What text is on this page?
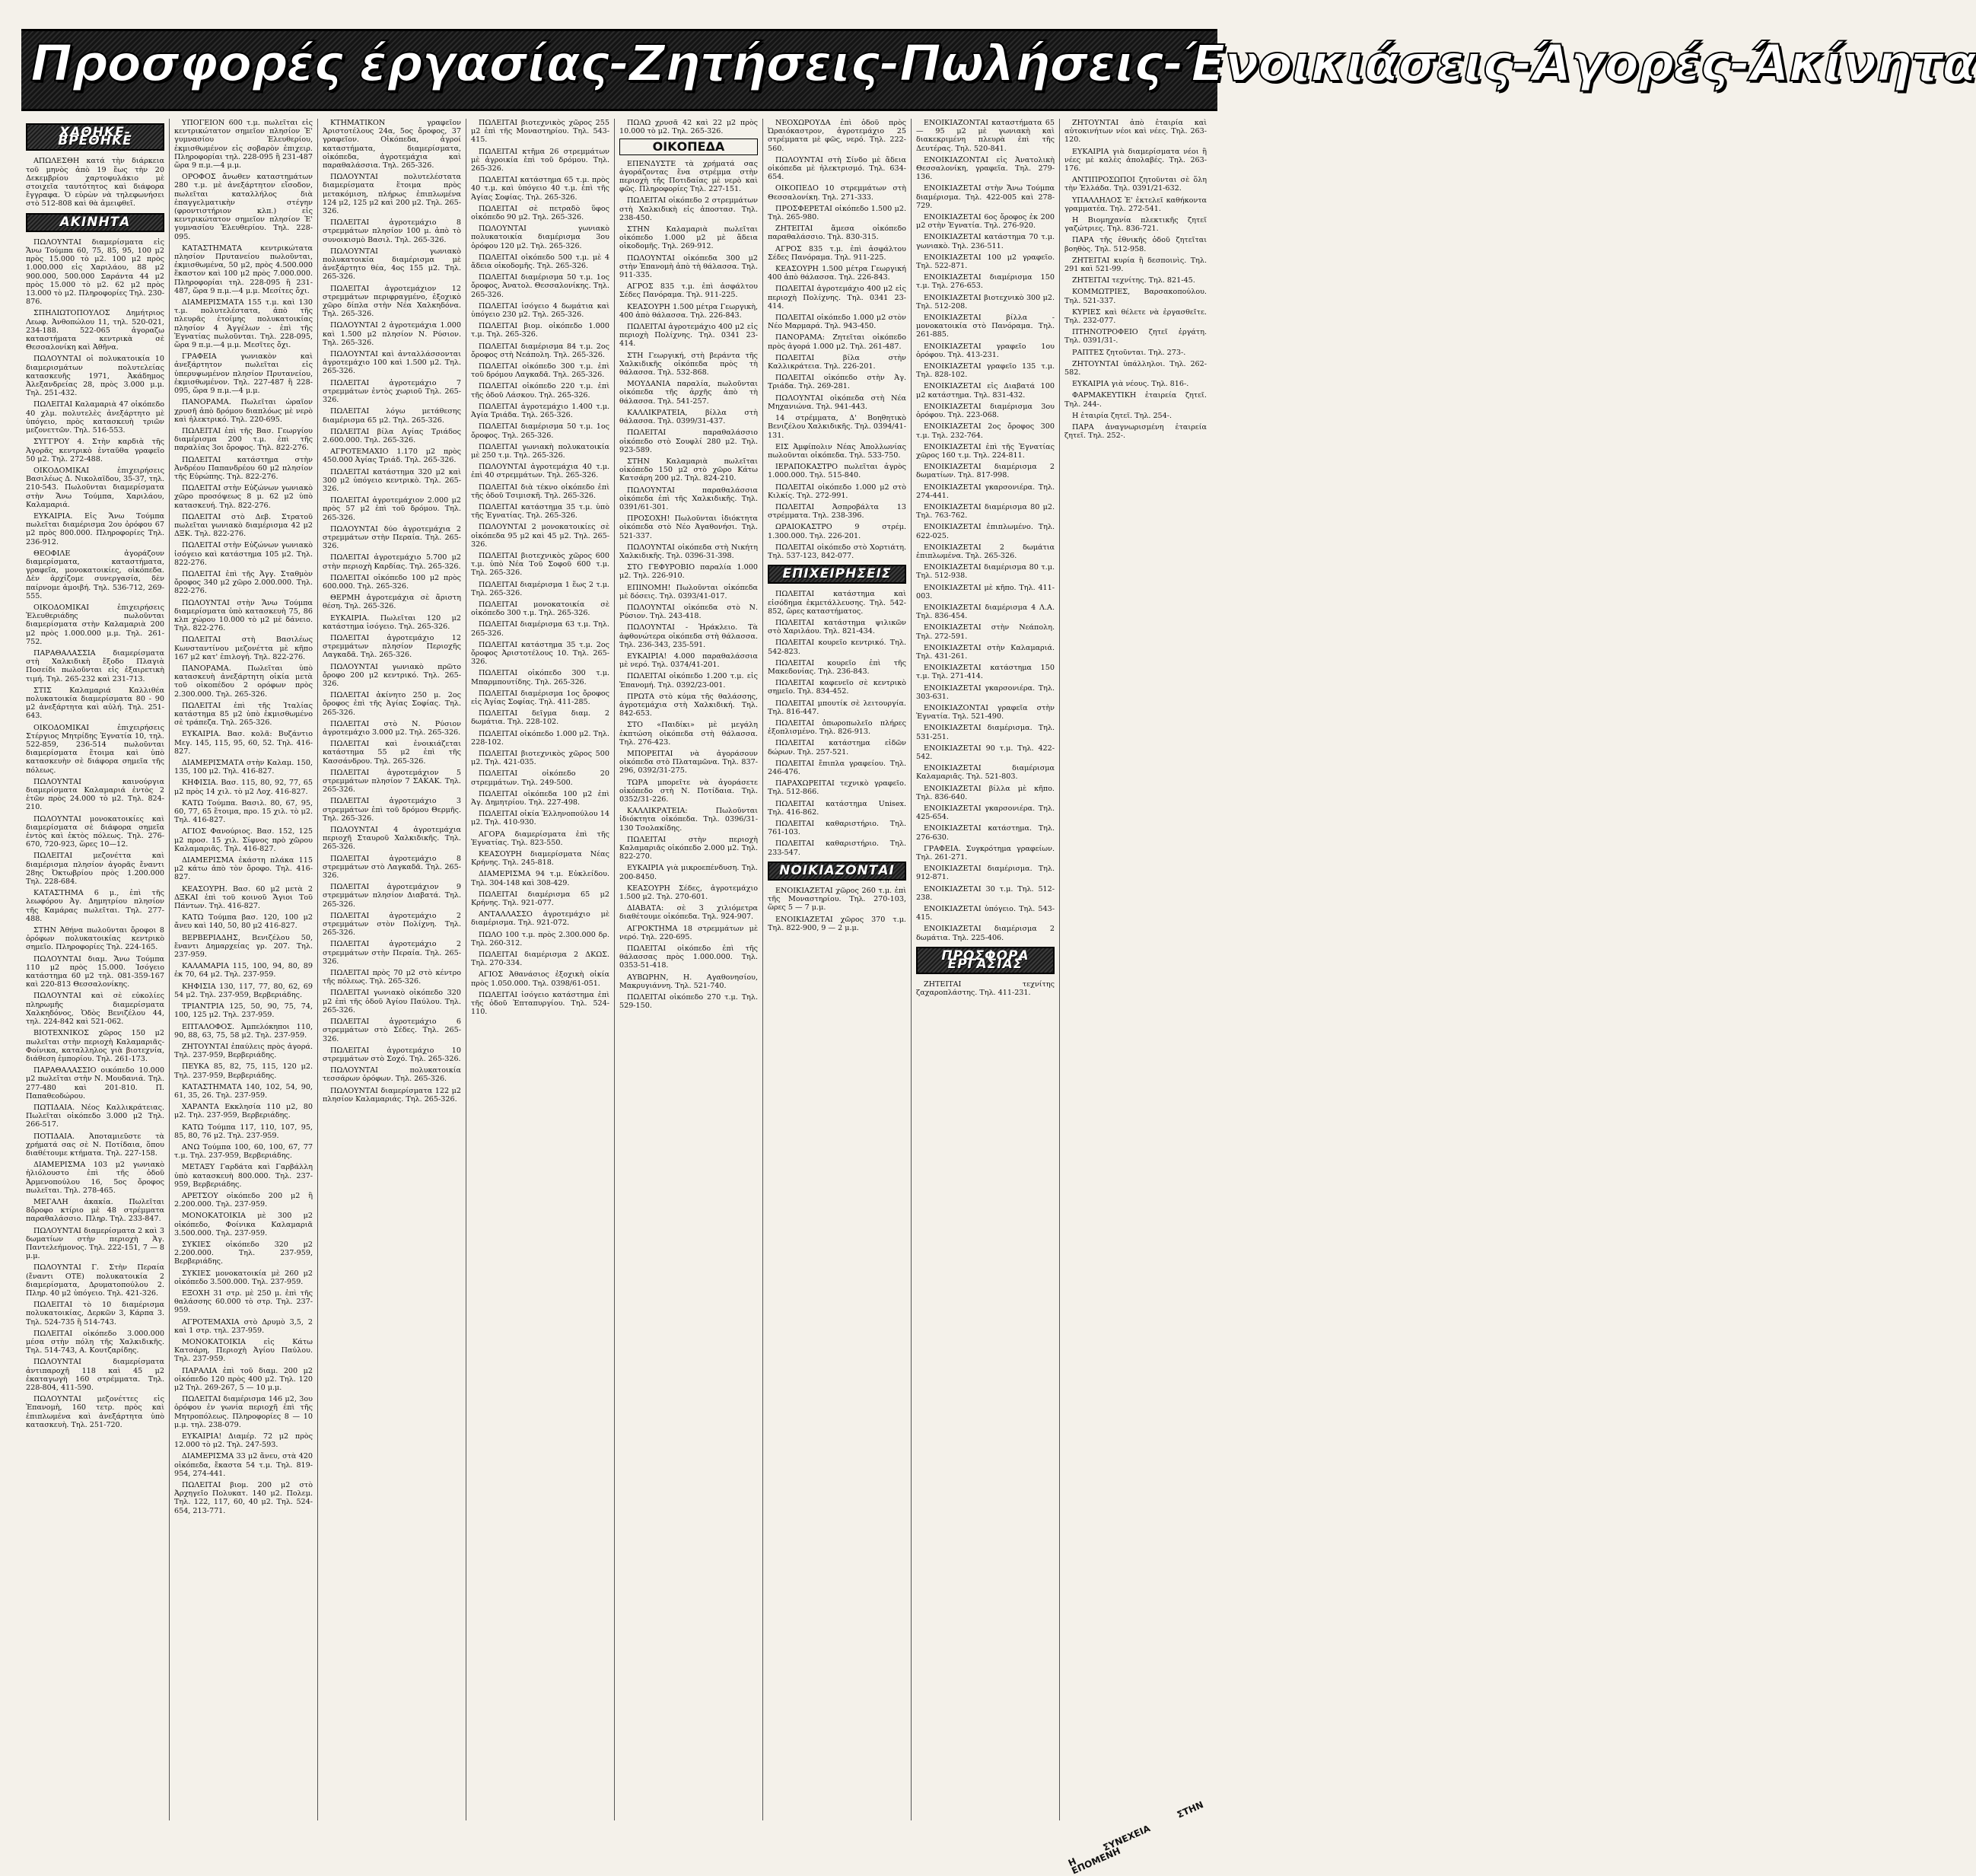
Προσφορές έργασίας-Ζητήσεις-Πωλήσεις-Ένοικιάσεις-Άγορές-Άκίνητα
ΧΑΘΗΚΕ-ΒΡΕΘΗΚΕ

ΑΠΩΛΕΣΘΗ κατά τὴν διάρκεια τοῦ μηνὸς ἀπὸ 19 ἕως τὴν 20 Δεκεμβρίου χαρτοφυλάκιο μὲ στοιχεῖα ταυτότητος καὶ διάφορα ἔγγραφα. Ὁ εὑρὼν νὰ τηλεφωνήσει στὸ 512-808 καὶ θὰ ἀμειφθεῖ.

ΑΚΙΝΗΤΑ

ΠΩΛΟΥΝΤΑΙ διαμερίσματα εἰς Ἄνω Τούμπα 60, 75, 85, 95, 100 μ2 πρὸς 15.000 τὸ μ2. 100 μ2 πρὸς 1.000.000 εἰς Χαριλάου, 88 μ2 900.000, 500.000 Σαράντα 44 μ2 πρὸς 15.000 τὸ μ2. 62 μ2 πρὸς 13.000 τὸ μ2. Πληροφορίες Τηλ. 230-876.

ΣΠΗΛΙΩΤΟΠΟΥΛΟΣ Δημήτριος Λεωφ. Ἀνθοπώλου 11, τηλ. 520-021, 234-188. 522-065 ἀγοραζω καταστήματα κεντρικὰ σὲ Θεσσαλονίκη καὶ Ἀθῆνα.

ΠΩΛΟΥΝΤΑΙ οἱ πολυκατοικία 10 διαμερισμάτων πολυτελείας κατασκευῆς 1971, Ἀκάδημος Ἀλεξανδρείας 28, πρὸς 3.000 μ.μ. Τηλ. 251-432.

ΠΩΛΕΙΤΑΙ Καλαμαριὰ 47 οἰκόπεδο 40 χλμ. πολυτελὲς ἀνεξάρτητο μὲ ὑπόγειο, πρὸς κατασκευὴ τριῶν μεζονεττῶν. Τηλ. 516-553.

ΣΥΓΓΡΟΥ 4. Στὴν καρδιὰ τῆς Ἀγορᾶς κεντρικὸ ἐνταῦθα γραφεῖο 50 μ2. Τηλ. 272-488.

ΟΙΚΟΔΟΜΙΚΑΙ ἐπιχειρήσεις Βασιλέως Δ. Νικολαϊδου, 35-37, τηλ. 210-543. Πωλοῦνται διαμερίσματα στὴν Ἄνω Τούμπα, Χαριλάου, Καλαμαριά.

ΕΥΚΑΙΡΙΑ. Εἰς Ἄνω Τούμπα πωλεῖται διαμέρισμα 2ου ὀρόφου 67 μ2 πρὸς 800.000. Πληροφορίες Τηλ. 236-912.

ΘΕΟΦΙΛΕ ἀγοράζουν διαμερίσματα, καταστήματα, γραφεῖα, μονοκατοικίες, οἰκόπεδα. Δὲν ἀρχίζομε συνεργασία, δὲν παίρνομε ἀμοιβή. Τηλ. 536-712, 269-555.

ΟΙΚΟΔΟΜΙΚΑΙ ἐπιχειρήσεις Ἐλευθεριάδης πωλοῦνται διαμερίσματα στὴν Καλαμαριὰ 200 μ2 πρὸς 1.000.000 μ.μ. Τηλ. 261-752.

ΠΑΡΑΘΑΛΑΣΣΙΑ διαμερίσματα στὴ Χαλκιδικὴ ἔξοδο Πλαγιὰ Ποσείδι πωλοῦνται εἰς ἐξαιρετικὴ τιμή. Τηλ. 265-232 καὶ 231-713.

ΣΤΙΣ Καλαμαριά Καλλιθέα πολυκατοικία διαμερίσματα 80 - 90 μ2 ἀνεξάρτητα καὶ αὐλή. Τηλ. 251-643.

ΟΙΚΟΔΟΜΙΚΑΙ ἐπιχειρήσεις Στέργιος Μητρίδης Ἐγνατία 10, τηλ. 522-859, 236-514 πωλοῦνται διαμερίσματα ἕτοιμα καὶ ὑπὸ κατασκευὴν σὲ διάφορα σημεῖα τῆς πόλεως.

ΠΩΛΟΥΝΤΑΙ καινούργια διαμερίσματα Καλαμαριά ἐντὸς 2 ἐτῶν πρὸς 24.000 τὸ μ2. Τηλ. 824-210.

ΠΩΛΟΥΝΤΑΙ μονοκατοικίες καὶ διαμερίσματα σὲ διάφορα σημεῖα ἐντὸς καὶ ἐκτὸς πόλεως. Τηλ. 276-670, 720-923, ὥρες 10—12.

ΠΩΛΕΙΤΑΙ μεζονέττα καὶ διαμέρισμα πλησίον ἀγορᾶς ἔναντι 28ης Ὀκτωβρίου πρὸς 1.200.000 Τηλ. 228-684.

ΚΑΤΑΣΤΗΜΑ 6 μ., ἐπὶ τῆς λεωφόρου Ἀγ. Δημητρίου πλησίον τῆς Καμάρας πωλεῖται. Τηλ. 277-488.

ΣΤΗΝ Ἀθήνα πωλοῦνται ὄροφοι 8 ὀρόφων πολυκατοικίας κεντρικὸ σημεῖο. Πληροφορίες Τηλ. 224-165.

ΠΩΛΟΥΝΤΑΙ διαμ. Ἄνω Τούμπα 110 μ2 πρὸς 15.000. Ἰσόγειο κατάστημα 60 μ2 τηλ. 081-359-167 καὶ 220-813 Θεσσαλονίκης.

ΠΩΛΟΥΝΤΑΙ καὶ σὲ εὐκολίες πληρωμῆς διαμερίσματα Χαλκηδόνος, Ὁδὸς Βενιζέλου 44, τηλ. 224-842 καὶ 521-062.

ΒΙΟΤΕΧΝΙΚΟΣ χῶρος 150 μ2 πωλεῖται στὴν περιοχὴ Καλαμαριᾶς-Φοίνικα, καταλληλος γιὰ βιοτεχνία, διάθεση ἐμπορίου. Τηλ. 261-173.

ΠΑΡΑΘΑΛΑΣΣΙΟ οικόπεδο 10.000 μ2 πωλεῖται στὴν Ν. Μουδανιά. Τηλ. 277-480 καὶ 201-810. Π. Παπαθεοδώρου.

ΠΩΤΙΔΑΙΑ. Νέος Καλλικράτειας. Πωλεῖται οἰκόπεδο 3.000 μ2 Τηλ. 266-517.

ΠΟΤΙΔΑΙΑ. Ἀποταμιεῦστε τὰ χρήματά σας σὲ Ν. Ποτίδαια, ὅπου διαθέτουμε κτήματα. Τηλ. 227-158.

ΔΙΑΜΕΡΙΣΜΑ 103 μ2 γωνιακὸ ἠλιόλουστο ἐπὶ τῆς ὁδοῦ Ἀρμενοπούλου 16, 5ος ὄροφος πωλεῖται. Τηλ. 278-465.

ΜΕΓΑΛΗ ἀκακία. Πωλεῖται 8ὄροφο κτίριο μὲ 48 στρέμματα παραθαλάσσιο. Πληρ. Τηλ. 233-847.

ΠΩΛΟΥΝΤΑΙ διαμερίσματα 2 καὶ 3 δωματίων στὴν περιοχὴ Ἁγ. Παντελεήμονος. Τηλ. 222-151, 7 — 8 μ.μ.

ΠΩΛΟΥΝΤΑΙ Γ. Στὴν Περαία (ἔναντι ΟΤΕ) πολυκατοικία 2 διαμερίσματα, Δρυματοπούλου 2. Πληρ. 40 μ2 ὑπόγειο. Τηλ. 421-326.

ΠΩΛΕΙΤΑΙ τὸ 10 διαμέρισμα πολυκατοικίας, Δερκῶν 3, Κάρπα 3. Τηλ. 524-735 ἢ 514-743.

ΠΩΛΕΙΤΑΙ οἰκόπεδο 3.000.000 μέσα στὴν πόλη τῆς Χαλκιδικῆς. Τηλ. 514-743, Α. Κουτζαρίδης.

ΠΩΛΟΥΝΤΑΙ διαμερίσματα ἀντιπαροχῆ 118 καὶ 45 μ2 ἐκαταγωγὴ 160 στρέμματα. Τηλ. 228-804, 411-590.

ΠΩΛΟΥΝΤΑΙ μεζονέττες εἰς Ἐπανομὴ, 160 τετρ. πρὸς καὶ ἐπιπλωμένα καὶ ἀνεξάρτητα ὑπὸ κατασκευὴ. Τηλ. 251-720.

ΥΠΟΓΕΙΟΝ 600 τ.μ. πωλεῖται εἰς κεντρικώτατον σημεῖον πλησίον Ἑ' γυμνασίου Ἐλευθερίου, ἐκμισθωμένον εἰς σοβαρὸν ἐπιχειρ. Πληροφορίαι τηλ. 228-095 ἢ 231-487 ὥρα 9 π.μ.—4 μ.μ.

ΟΡΟΦΟΣ ἄνωθεν καταστημάτων 280 τ.μ. μὲ ἀνεξάρτητον εἴσοδον, πωλεῖται καταλλήλος διὰ ἐπαγγελματικὴν στέγην (φροντιστήριον κλπ.) εἰς κεντρικώτατον σημεῖον πλησίον Ἑ' γυμνασίου Ἐλευθερίου. Τηλ. 228-095.

ΚΑΤΑΣΤΗΜΑΤΑ κεντρικώτατα πλησίον Πρυτανείου πωλοῦνται, ἐκμισθωμένα, 50 μ2, πρὸς 4.500.000 ἕκαστον καὶ 100 μ2 πρὸς 7.000.000. Πληροφορίαι τηλ. 228-095 ἢ 231-487, ὥρα 9 π.μ.—4 μ.μ. Μεσίτες ὄχι.

ΔΙΑΜΕΡΙΣΜΑΤΑ 155 τ.μ. καὶ 130 τ.μ. πολυτελέστατα, ἀπὸ τῆς πλευρᾶς ἑτοίμης πολυκατοικίας πλησίον 4 Ἀγγέλων - ἐπὶ τῆς Ἐγνατίας πωλοῦνται. Τηλ. 228-095, ὥρα 9 π.μ.—4 μ.μ. Μεσῖτες ὄχι.

ΓΡΑΦΕΙΑ γωνιακὸν καὶ ἀνεξάρτητον πωλεῖται εἰς ὑπερυψωμένον πλησίον Πρυτανείου, ἐκμισθωμένον. Τηλ. 227-487 ἢ 228-095, ὥρα 9 π.μ.—4 μ.μ.

ΠΑΝΟΡΑΜΑ. Πωλεῖται ὡραῖον χρυσῆ ἀπὸ δρόμου διαπλόως μὲ νερὸ καὶ ἠλεκτρικό. Τηλ. 220-695.

ΠΩΛΕΙΤΑΙ ἐπὶ τῆς Βασ. Γεωργίου διαμέρισμα 200 τ.μ. ἐπὶ τῆς παραλίας 3οι ὄροφος. Τηλ. 822-276.

ΠΩΛΕΙΤΑΙ κατάστημα στὴν Ἀνδρέου Παπανδρέου 60 μ2 πλησίον τῆς Εὐρώπης. Τηλ. 822-276.

ΠΩΛΕΙΤΑΙ στὴν Εὐζώνων γωνιακὸ χῶρο προσόψεως 8 μ. 62 μ2 ὑπὸ κατασκευή. Τηλ. 822-276.

ΠΩΛΕΙΤΑΙ στὸ Δεβ. Στρατοῦ πωλεῖται γωνιακὸ διαμέρισμα 42 μ2 ΔΞΚ. Τηλ. 822-276.

ΠΩΛΕΙΤΑΙ στὴν Εὐζώνων γωνιακὸ ἰσόγειο καὶ κατάστημα 105 μ2. Τηλ. 822-276.

ΠΩΛΕΙΤΑΙ ἐπὶ τῆς Ἀγγ. Σταθμὸν ὄροφος 340 μ2 χῶρο 2.000.000. Τηλ. 822-276.

ΠΩΛΟΥΝΤΑΙ στὴν Ἄνω Τούμπα διαμερίσματα ὑπὸ κατασκευὴ 75, 86 κλπ χώρου 10.000 τὸ μ2 μὲ δάνειο. Τηλ. 822-276.

ΠΩΛΕΙΤΑΙ στὴ Βασιλέως Κωνσταντίνου μεζονέττα μὲ κῆπο 167 μ2 κατ' ἐπιλογή. Τηλ. 822-276.

ΠΑΝΟΡΑΜΑ. Πωλεῖται ὑπὸ κατασκευὴ ἀνεξάρτητη οἰκία μετὰ τοῦ οἰκοπέδου 2 ορόφων πρὸς 2.300.000. Τηλ. 265-326.

ΠΩΛΕΙΤΑΙ ἐπὶ τῆς Ἰταλίας κατάστημα 85 μ2 ὑπὸ ἐκμισθωμένο σὲ τράπεζα. Τηλ. 265-326.

ΕΥΚΑΙΡΙΑ. Βασ. κολᾶ: Βυζάντιο Μεγ. 145, 115, 95, 60, 52. Τηλ. 416-827.

ΔΙΑΜΕΡΙΣΜΑΤΑ στὴν Καλαμ. 150, 135, 100 μ2. Τηλ. 416-827.

ΚΗΦΙΣΙΑ. Βασ. 115, 80, 92, 77, 65 μ2 πρὸς 14 χιλ. τὸ μ2 Λοχ. 416-827.

ΚΑΤΩ Τούμπα. Βασιλ. 80, 67, 95, 60, 77, 65 ἕτοιμα, προ. 15 χιλ. τὸ μ2. Τηλ. 416-827.

ΑΓΙΟΣ Φανούριος. Βασ. 152, 125 μ2 προσ. 15 χιλ. Σίφνος πρὸ χῶρου Καλαμαριᾶς. Τηλ. 416-827.

ΔΙΑΜΕΡΙΣΜΑ ἐκάστη πλάκα 115 μ2 κάτω ἀπὸ τὸν ὄροφο. Τηλ. 416-827.

ΚΕΑΣΟΥΡΗ. Βασ. 60 μ2 μετὰ 2 ΔΞΚΑΙ ἐπὶ τοῦ κοινοῦ Ἄγιοι Τοῦ Πάντων. Τηλ. 416-827.

ΚΑΤΩ Τούμπα βασ. 120, 100 μ2 ἄνευ καὶ 140, 50, 80 μ2 416-827.

ΒΕΡΒΕΡΙΑΔΗΣ, Βενιζέλου 50, ἔναντι Δημαρχείας γρ. 207. Τηλ. 237-959.

ΚΑΛΑΜΑΡΙΑ 115, 100, 94, 80, 89 ἐκ 70, 64 μ2. Τηλ. 237-959.

ΚΗΦΙΣΙΑ 130, 117, 77, 80, 62, 69 54 μ2. Τηλ. 237-959, Βερβεριάδης.

ΤΡΙΑΝΤΡΙΑ 125, 50, 90, 75, 74, 100, 125 μ2. Τηλ. 237-959.

ΕΠΤΑΛΟΦΟΣ. Ἀμπελόκηποι 110, 90, 88, 63, 75, 58 μ2. Τηλ. 237-959.

ΖΗΤΟΥΝΤΑΙ ἐπαύλεις πρὸς ἀγορά. Τηλ. 237-959, Βερβεριάδης.

ΠΕΥΚΑ 85, 82, 75, 115, 120 μ2. Τηλ. 237-959, Βερβεριάδης.

ΚΑΤΑΣΤΗΜΑΤΑ 140, 102, 54, 90, 61, 35, 26. Τηλ. 237-959.

ΧΑΡΑΝΤΑ Εκκλησία 110 μ2, 80 μ2. Τηλ. 237-959, Βερβεριάδης.

ΚΑΤΩ Τούμπα 117, 110, 107, 95, 85, 80, 76 μ2. Τηλ. 237-959.

ΑΝΩ Τούμπα 100, 60, 100, 67, 77 τ.μ. Τηλ. 237-959, Βερβεριάδης.

ΜΕΤΑΞΥ Γαρδάτα καὶ Γαρβάλλη ὑπὸ κατασκευὴ 800.000. Τηλ. 237-959, Βερβεριάδης.

ΑΡΕΤΣΟΥ οἰκόπεδο 200 μ2 ἢ 2.200.000. Τηλ. 237-959.

ΜΟΝΟΚΑΤΟΙΚΙΑ μὲ 300 μ2 οἰκόπεδο, Φοίνικα Καλαμαριᾶ 3.500.000. Τηλ. 237-959.

ΣΥΚΙΕΣ οἰκόπεδο 320 μ2 2.200.000. Τηλ. 237-959, Βερβεριάδης.

ΣΥΚΙΕΣ μονοκατοικία μὲ 260 μ2 οἰκόπεδο 3.500.000. Τηλ. 237-959.

ΕΞΟΧΗ 31 στρ. μὲ 250 μ. ἐπὶ τῆς θαλάσσης 60.000 τὸ στρ. Τηλ. 237-959.

ΑΓΡΟΤΕΜΑΧΙΑ στὸ Δρυμὸ 3,5, 2 καὶ 1 στρ. τηλ. 237-959.

ΜΟΝΟΚΑΤΟΙΚΙΑ εἰς Κάτω Κατσάρη, Περιοχὴ Ἀγίου Παύλου. Τηλ. 237-959.

ΠΑΡΑΛΙΑ ἐπὶ τοῦ διαμ. 200 μ2 οἰκόπεδο 120 πρὸς 400 μ2. Τηλ. 120 μ2 Τηλ. 269-267, 5 — 10 μ.μ.

ΠΩΛΕΙΤΑΙ διαμέρισμα 146 μ2, 3ου ὀρόφου ἐν γωνία περιοχῆ ἐπὶ τῆς Μητροπόλεως. Πληροφορίες 8 — 10 μ.μ. τηλ. 238-079.

ΕΥΚΑΙΡΙΑ! Διαμέρ. 72 μ2 πρὸς 12.000 τὸ μ2. Τηλ. 247-593.

ΔΙΑΜΕΡΙΣΜΑ 33 μ2 ἄνευ, στὰ 420 οἰκόπεδα, ἔκαστα 54 τ.μ. Τηλ. 819-954, 274-441.

ΠΩΛΕΙΤΑΙ βιομ. 200 μ2 στὸ Ἀρχηγεῖο Πολυκατ. 140 μ2. Πολεμ. Τηλ. 122, 117, 60, 40 μ2. Τηλ. 524-654, 213-771.

ΚΤΗΜΑΤΙΚΟΝ γραφεῖον Ἀριστοτέλους 24α, 5ος ὄροφος, 37 γραφεῖον. Οἰκόπεδα, ἀγροί καταστήματα, διαμερίσματα, οἰκόπεδα, ἀγροτεμάχια καὶ παραθαλάσσια. Τηλ. 265-326.

ΠΩΛΟΥΝΤΑΙ πολυτελέστατα διαμερίσματα ἕτοιμα πρὸς μετακόμιση, πλήρως ἐπιπλωμένα 124 μ2, 125 μ2 καὶ 200 μ2. Τηλ. 265-326.

ΠΩΛΕΙΤΑΙ ἀγροτεμάχιο 8 στρεμμάτων πλησίον 100 μ. ἀπὸ τὸ συνοικισμὸ Βασιλ. Τηλ. 265-326.

ΠΩΛΟΥΝΤΑΙ γωνιακὸ πολυκατοικία διαμέρισμα μὲ ἀνεξάρτητο θέα, 4ος 155 μ2. Τηλ. 265-326.

ΠΩΛΕΙΤΑΙ ἀγροτεμάχιον 12 στρεμμάτων περιφραγμένο, ἐξοχικὸ χῶρο δίπλα στὴν Νέα Χαλκηδόνα. Τηλ. 265-326.

ΠΩΛΟΥΝΤΑΙ 2 ἀγροτεμάχια 1.000 καὶ 1.500 μ2 πλησίον Ν. Ρύσιον. Τηλ. 265-326.

ΠΩΛΟΥΝΤΑΙ καὶ ἀνταλλάσσονται ἀγροτεμάχιο 100 καὶ 1.500 μ2. Τηλ. 265-326.

ΠΩΛΕΙΤΑΙ ἀγροτεμάχιο 7 στρεμμάτων ἐντὸς χωριοῦ Τηλ. 265-326.

ΠΩΛΕΙΤΑΙ λόγω μετάθεσης διαμέρισμα 65 μ2. Τηλ. 265-326.

ΠΩΛΕΙΤΑΙ βίλα Αγίας Τριάδος 2.600.000. Τηλ. 265-326.

ΑΓΡΟΤΕΜΑΧΙΟ 1.170 μ2 πρὸς 450.000 Ἀγίας Τριάδ. Τηλ. 265-326.

ΠΩΛΕΙΤΑΙ κατάστημα 320 μ2 καὶ 300 μ2 ὑπόγειο κεντρικὸ. Τηλ. 265-326.

ΠΩΛΕΙΤΑΙ ἀγροτεμάχιον 2.000 μ2 πρὸς 57 μ2 ἐπὶ τοῦ δρόμου. Τηλ. 265-326.

ΠΩΛΟΥΝΤΑΙ δύο ἀγροτεμάχια 2 στρεμμάτων στὴν Περαία. Τηλ. 265-326.

ΠΩΛΕΙΤΑΙ ἀγροτεμάχιο 5.700 μ2 στὴν περιοχὴ Καρδίας. Τηλ. 265-326.

ΠΩΛΕΙΤΑΙ οἰκόπεδο 100 μ2 πρὸς 600.000. Τηλ. 265-326.

ΘΕΡΜΗ ἀγροτεμάχια σὲ ἄριστη θέση. Τηλ. 265-326.

ΕΥΚΑΙΡΙΑ. Πωλεῖται 120 μ2 κατάστημα ἰσόγειο. Τηλ. 265-326.

ΠΩΛΕΙΤΑΙ ἀγροτεμάχιο 12 στρεμμάτων πλησίον Περιοχῆς Λαγκαδᾶ. Τηλ. 265-326.

ΠΩΛΟΥΝΤΑΙ γωνιακὸ πρῶτο ὄροφο 200 μ2 κεντρικό. Τηλ. 265-326.

ΠΩΛΕΙΤΑΙ ἀκίνητο 250 μ. 2ος ὄροφος ἐπὶ τῆς Ἀγίας Σοφίας. Τηλ. 265-326.

ΠΩΛΕΙΤΑΙ στὸ Ν. Ρύσιον ἀγροτεμάχιο 3.000 μ2. Τηλ. 265-326.

ΠΩΛΕΙΤΑΙ καὶ ἐνοικιάζεται κατάστημα 55 μ2 ἐπὶ τῆς Κασσάνδρου. Τηλ. 265-326.

ΠΩΛΕΙΤΑΙ ἀγροτεμάχιον 5 στρεμμάτων πλησίον 7 ΣΑΚΑΚ. Τηλ. 265-326.

ΠΩΛΕΙΤΑΙ ἀγροτεμάχιο 3 στρεμμάτων ἐπὶ τοῦ δρόμου Θερμῆς. Τηλ. 265-326.

ΠΩΛΟΥΝΤΑΙ 4 ἀγροτεμάχια περιοχῆ Σταυροῦ Χαλκιδικῆς. Τηλ. 265-326.

ΠΩΛΕΙΤΑΙ ἀγροτεμάχιο 8 στρεμμάτων στὸ Λαγκαδᾶ. Τηλ. 265-326.

ΠΩΛΕΙΤΑΙ ἀγροτεμάχιον 9 στρεμμάτων πλησίον Διαβατά. Τηλ. 265-326.

ΠΩΛΕΙΤΑΙ ἀγροτεμάχιο 2 στρεμμάτων στὸν Πολίχνη. Τηλ. 265-326.

ΠΩΛΕΙΤΑΙ ἀγροτεμάχιο 2 στρεμμάτων στὴν Περαία. Τηλ. 265-326.

ΠΩΛΕΙΤΑΙ πρὸς 70 μ2 στὸ κέντρο τῆς πόλεως. Τηλ. 265-326.

ΠΩΛΕΙΤΑΙ γωνιακὸ οἰκόπεδο 320 μ2 ἐπὶ τῆς ὁδοῦ Ἀγίου Παύλου. Τηλ. 265-326.

ΠΩΛΕΙΤΑΙ ἀγροτεμάχιο 6 στρεμμάτων στὸ Σέδες. Τηλ. 265-326.

ΠΩΛΕΙΤΑΙ ἀγροτεμάχιο 10 στρεμμάτων στὸ Σοχό. Τηλ. 265-326.

ΠΩΛΟΥΝΤΑΙ πολυκατοικία τεσσάρων ὀρόφων. Τηλ. 265-326.

ΠΩΛΟΥΝΤΑΙ διαμερίσματα 122 μ2 πλησίον Καλαμαριάς. Τηλ. 265-326.

ΠΩΛΕΙΤΑΙ βιοτεχνικὸς χῶρος 255 μ2 ἐπὶ τῆς Μοναστηρίου. Τηλ. 543-415.

ΠΩΛΕΙΤΑΙ κτῆμα 26 στρεμμάτων μὲ ἀγροικία ἐπὶ τοῦ δρόμου. Τηλ. 265-326.

ΠΩΛΕΙΤΑΙ κατάστημα 65 τ.μ. πρὸς 40 τ.μ. καὶ ὑπόγειο 40 τ.μ. ἐπὶ τῆς Ἀγίας Σοφίας. Τηλ. 265-326.

ΠΩΛΕΙΤΑΙ σὲ πετραδὸ ὕφος οἰκόπεδο 90 μ2. Τηλ. 265-326.

ΠΩΛΟΥΝΤΑΙ γωνιακὸ πολυκατοικία διαμέρισμα 3ου ὀρόφου 120 μ2. Τηλ. 265-326.

ΠΩΛΕΙΤΑΙ οἰκόπεδο 500 τ.μ. μὲ 4 ἄδεια οἰκοδομῆς. Τηλ. 265-326.

ΠΩΛΕΙΤΑΙ διαμέρισμα 50 τ.μ. 1ος ὄροφος, Ἀνατολ. Θεσσαλονίκης. Τηλ. 265-326.

ΠΩΛΕΙΤΑΙ ἰσόγειο 4 δωμάτια καὶ ὑπόγειο 230 μ2. Τηλ. 265-326.

ΠΩΛΕΙΤΑΙ βιομ. οἰκόπεδο 1.000 τ.μ. Τηλ. 265-326.

ΠΩΛΕΙΤΑΙ διαμέρισμα 84 τ.μ. 2ος ὄροφος στὴ Νεάπολη. Τηλ. 265-326.

ΠΩΛΕΙΤΑΙ οἰκόπεδο 300 τ.μ. ἐπὶ τοῦ δρόμου Λαγκαδᾶ. Τηλ. 265-326.

ΠΩΛΕΙΤΑΙ οἰκόπεδο 220 τ.μ. ἐπὶ τῆς ὁδοῦ Λάσκου. Τηλ. 265-326.

ΠΩΛΕΙΤΑΙ ἀγροτεμάχιο 1.400 τ.μ. Ἀγία Τριάδα. Τηλ. 265-326.

ΠΩΛΕΙΤΑΙ διαμέρισμα 50 τ.μ. 1ος ὄροφος. Τηλ. 265-326.

ΠΩΛΕΙΤΑΙ γωνιακὴ πολυκατοικία μὲ 250 τ.μ. Τηλ. 265-326.

ΠΩΛΟΥΝΤΑΙ ἀγροτεμάχια 40 τ.μ. ἐπὶ 40 στρεμμάτων. Τηλ. 265-326.

ΠΩΛΕΙΤΑΙ διὰ τέκνο οἰκόπεδο ἐπὶ τῆς ὁδοῦ Τσιμισκῆ. Τηλ. 265-326.

ΠΩΛΕΙΤΑΙ κατάστημα 35 τ.μ. ὑπὸ τῆς Ἐγνατίας. Τηλ. 265-326.

ΠΩΛΟΥΝΤΑΙ 2 μονοκατοικίες σὲ οἰκόπεδα 95 μ2 καὶ 45 μ2. Τηλ. 265-326.

ΠΩΛΕΙΤΑΙ βιοτεχνικὸς χῶρος 600 τ.μ. ὑπὸ Νέα Τοῦ Σοφοῦ 600 τ.μ. Τηλ. 265-326.

ΠΩΛΕΙΤΑΙ διαμέρισμα 1 ἕως 2 τ.μ. Τηλ. 265-326.

ΠΩΛΕΙΤΑΙ μονοκατοικία σὲ οἰκόπεδο 300 τ.μ. Τηλ. 265-326.

ΠΩΛΕΙΤΑΙ διαμέρισμα 63 τ.μ. Τηλ. 265-326.

ΠΩΛΕΙΤΑΙ κατάστημα 35 τ.μ. 2ος ὄροφος Ἀριστοτέλους 10. Τηλ. 265-326.

ΠΩΛΕΙΤΑΙ οἰκόπεδο 300 τ.μ. Μπαρμπουτίδης. Τηλ. 265-326.

ΠΩΛΕΙΤΑΙ διαμέρισμα 1ος ὄροφος εἰς Ἀγίας Σοφίας. Τηλ. 411-285.

ΠΩΛΕΙΤΑΙ δεῖγμα διαμ. 2 δωμάτια. Τηλ. 228-102.

ΠΩΛΕΙΤΑΙ οἰκόπεδο 1.000 μ2. Τηλ. 228-102.

ΠΩΛΕΙΤΑΙ βιοτεχνικὸς χῶρος 500 μ2. Τηλ. 421-035.

ΠΩΛΕΙΤΑΙ οἰκόπεδο 20 στρεμμάτων. Τηλ. 249-500.

ΠΩΛΕΙΤΑΙ οἰκόπεδα 100 μ2 ἐπὶ Ἁγ. Δημητρίου. Τηλ. 227-498.

ΠΩΛΕΙΤΑΙ οἰκία Ἐλληνοπούλου 14 μ2. Τηλ. 410-930.

ΑΓΟΡΑ διαμερίσματα ἐπὶ τῆς Ἐγνατίας. Τηλ. 823-550.

ΚΕΑΣΟΥΡΗ διαμερίσματα Νέας Κρήνης. Τηλ. 245-818.

ΔΙΑΜΕΡΙΣΜΑ 94 τ.μ. Εὐκλείδου. Τηλ. 304-148 καὶ 308-429.

ΠΩΛΕΙΤΑΙ διαμέρισμα 65 μ2 Κρήνης. Τηλ. 921-077.

ΑΝΤΑΛΛΑΣΣΟ ἀγροτεμάχιο μὲ διαμέρισμα. Τηλ. 921-072.

ΠΩΛΟ 100 τ.μ. πρὸς 2.300.000 δρ. Τηλ. 260-312.

ΠΩΛΕΙΤΑΙ διαμέρισμα 2 ΔΚΩΣ. Τηλ. 270-334.

ΑΓΙΟΣ Ἀθανάσιος ἐξοχικὴ οἰκία πρὸς 1.050.000. Τηλ. 0398/61-051.

ΠΩΛΕΙΤΑΙ ἰσόγειο κατάστημα ἐπὶ τῆς ὁδοῦ Ἐπταπυργίου. Τηλ. 524-110.

ΠΩΛΩ χρυσᾶ 42 καὶ 22 μ2 πρὸς 10.000 τὸ μ2. Τηλ. 265-326.

ΟΙΚΟΠΕΔΑ

ΕΠΕΝΔΥΣΤΕ τὰ χρήματά σας ἀγοράζοντας ἕνα στρέμμα στὴν περιοχὴ τῆς Ποτιδαίας μὲ νερὸ καὶ φῶς. Πληροφορίες Τηλ. 227-151.

ΠΩΛΕΙΤΑΙ οἰκόπεδο 2 στρεμμάτων στὴ Χαλκιδικὴ εἰς ἀποστασ. Τηλ. 238-450.

ΣΤΗΝ Καλαμαριὰ πωλεῖται οἰκόπεδο 1.000 μ2 μὲ ἄδεια οἰκοδομῆς. Τηλ. 269-912.

ΠΩΛΟΥΝΤΑΙ οἰκόπεδα 300 μ2 στὴν Ἐπανομὴ ἀπὸ τὴ θάλασσα. Τηλ. 911-335.

ΑΓΡΟΣ 835 τ.μ. ἐπὶ ἀσφάλτου Σέδες Πανόραμα. Τηλ. 911-225.

ΚΕΑΣΟΥΡΗ 1.500 μέτρα Γεωργικὴ, 400 ἀπὸ θάλασσα. Τηλ. 226-843.

ΠΩΛΕΙΤΑΙ ἀγροτεμάχιο 400 μ2 εἰς περιοχὴ Πολίχνης. Τηλ. 0341 23-414.

ΣΤΗ Γεωργική, στὴ βεράντα τῆς Χαλκιδικῆς οἰκόπεδα πρὸς τὴ θάλασσα. Τηλ. 532-868.

ΜΟΥΔΑΝΙΑ παραλία, πωλοῦνται οἰκόπεδα τῆς ἀρχῆς ἀπὸ τὴ θάλασσα. Τηλ. 541-257.

ΚΑΛΛΙΚΡΑΤΕΙΑ, βίλλα στὴ θάλασσα. Τηλ. 0399/31-437.

ΠΩΛΕΙΤΑΙ παραθαλάσσιο οἰκόπεδο στὸ Σουφλί 280 μ2. Τηλ. 923-589.

ΣΤΗΝ Καλαμαριὰ πωλεῖται οἰκόπεδο 150 μ2 στὸ χῶρο Κάτω Κατσάρη 200 μ2. Τηλ. 824-210.

ΠΩΛΟΥΝΤΑΙ παραθαλάσσια οἰκόπεδα ἐπὶ τῆς Χαλκιδικῆς. Τηλ. 0391/61-301.

ΠΡΟΣΟΧΗ! Πωλοῦνται ἰδιόκτητα οἰκόπεδα στὸ Νέο Ἀγαθονήσι. Τηλ. 521-337.

ΠΩΛΟΥΝΤΑΙ οἰκόπεδα στὴ Νικήτη Χαλκιδικῆς. Τηλ. 0396-31-398.

ΣΤΟ ΓΕΦΥΡΟΒΙΟ παραλία 1.000 μ2. Τηλ. 226-910.

ΕΠΙΝΟΜΗ! Πωλοῦνται οἰκόπεδα μὲ δόσεις. Τηλ. 0393/41-017.

ΠΩΛΟΥΝΤΑΙ οἰκόπεδα στὸ Ν. Ρύσιον. Τηλ. 243-418.

ΠΩΛΟΥΝΤΑΙ - Ἡράκλειο. Τὰ ἀφθονώτερα οἰκόπεδα στὴ θάλασσα. Τηλ. 236-343, 235-591.

ΕΥΚΑΙΡΙΑ! 4.000 παραθαλάσσια μὲ νερό. Τηλ. 0374/41-201.

ΠΩΛΕΙΤΑΙ οἰκόπεδο 1.200 τ.μ. εἰς Ἐπανομή. Τηλ. 0392/23-001.

ΠΡΩΤΑ στὸ κύμα τῆς θαλάσσης, ἀγροτεμάχια στὴ Χαλκιδική. Τηλ. 842-653.

ΣΤΟ «Παιδίκι» μὲ μεγάλη ἐκπτώση οἰκόπεδα στὴ θάλασσα. Τηλ. 276-423.

ΜΠΟΡΕΙΤΑΙ νὰ ἀγοράσουν οἰκόπεδα στὸ Πλαταμῶνα. Τηλ. 837-296, 0392/31-275.

ΤΩΡΑ μπορεῖτε νὰ ἀγοράσετε οἰκόπεδο στὴ Ν. Ποτίδαια. Τηλ. 0352/31-226.

ΚΑΛΛΙΚΡΑΤΕΙΑ: Πωλοῦνται ἰδιόκτητα οἰκόπεδα. Τηλ. 0396/31-130 Τσολακίδης.

ΠΩΛΕΙΤΑΙ στὴν περιοχὴ Καλαμαριᾶς οἰκόπεδο 2.000 μ2. Τηλ. 822-270.

ΕΥΚΑΙΡΙΑ γιὰ μικροεπένδυση. Τηλ. 200-8450.

ΚΕΑΣΟΥΡΗ Σέδες, ἀγροτεμάχιο 1.500 μ2. Τηλ. 270-601.

ΔΙΑΒΑΤΑ: σὲ 3 χιλιόμετρα διαθέτουμε οἰκόπεδα. Τηλ. 924-907.

ΑΓΡΟΚΤΗΜΑ 18 στρεμμάτων μὲ νερό. Τηλ. 220-695.

ΠΩΛΕΙΤΑΙ οἰκόπεδο ἐπὶ τῆς θάλασσας πρὸς 1.000.000. Τηλ. 0353-51-418.

ΑΥΒΩΡΗΝ, Η. Αγαθονησίου, Μακρυγιάννη. Τηλ. 521-740.

ΠΩΛΕΙΤΑΙ οἰκόπεδο 270 τ.μ. Τηλ. 529-150.

ΝΕΟΧΩΡΟΥΔΑ ἐπὶ ὁδοῦ πρὸς Ὠραιόκαστρον, ἀγροτεμάχιο 25 στρέμματα μὲ φῶς, νερό. Τηλ. 222-560.

ΠΩΛΟΥΝΤΑΙ στὴ Σίνδο μὲ ἄδεια οἰκόπεδα μὲ ἠλεκτρισμό. Τηλ. 634-654.

ΟΙΚΟΠΕΔΟ 10 στρεμμάτων στὴ Θεσσαλονίκη. Τηλ. 271-333.

ΠΡΟΣΦΕΡΕΤΑΙ οἰκόπεδο 1.500 μ2. Τηλ. 265-980.

ΖΗΤΕΙΤΑΙ ἄμεσα οἰκόπεδο παραθαλάσσιο. Τηλ. 830-315.

ΑΓΡΟΣ 835 τ.μ. ἐπὶ ἀσφάλτου Σέδες Πανόραμα. Τηλ. 911-225.

ΚΕΑΣΟΥΡΗ 1.500 μέτρα Γεωργική 400 ἀπὸ θάλασσα. Τηλ. 226-843.

ΠΩΛΕΙΤΑΙ ἀγροτεμάχιο 400 μ2 εἰς περιοχὴ Πολίχνης. Τηλ. 0341 23-414.

ΠΩΛΕΙΤΑΙ οἰκόπεδο 1.000 μ2 στὸν Νέο Μαρμαρά. Τηλ. 943-450.

ΠΑΝΟΡΑΜΑ: Ζητεῖται οἰκόπεδο πρὸς ἀγορά 1.000 μ2. Τηλ. 261-487.

ΠΩΛΕΙΤΑΙ βίλα στὴν Καλλικράτεια. Τηλ. 226-201.

ΠΩΛΕΙΤΑΙ οἰκόπεδο στὴν Ἀγ. Τριάδα. Τηλ. 269-281.

ΠΩΛΟΥΝΤΑΙ οἰκόπεδα στὴ Νέα Μηχανιώνα. Τηλ. 941-443.

14 στρέμματα, Δ' Βοηθητικὸ Βενιζέλου Χαλκιδικῆς. Τηλ. 0394/41-131.

ΕΙΣ Ἀμφίπολιν Νέας Ἀπολλωνίας πωλοῦνται οἰκόπεδα. Τηλ. 533-750.

ΙΕΡΑΠΟΚΑΣΤΡΟ πωλεῖται ἀγρὸς 1.000.000. Τηλ. 515-840.

ΠΩΛΕΙΤΑΙ οἰκόπεδο 1.000 μ2 στὸ Κιλκίς. Τηλ. 272-991.

ΠΩΛΕΙΤΑΙ Ἀσπροβάλτα 13 στρέμματα. Τηλ. 238-396.

ΩΡΑΙΟΚΑΣΤΡΟ 9 στρέμ. 1.300.000. Τηλ. 226-201.

ΠΩΛΕΙΤΑΙ οἰκόπεδο στὸ Χορτιάτη. Τηλ. 537-123, 842-077.

ΕΠΙΧΕΙΡΗΣΕΙΣ

ΠΩΛΕΙΤΑΙ κατάστημα καὶ εἰσόδημα ἐκμετάλλευσης. Τηλ. 542-852, ὥρες καταστήματος.

ΠΩΛΕΙΤΑΙ κατάστημα ψιλικῶν στὸ Χαριλάου. Τηλ. 821-434.

ΠΩΛΕΙΤΑΙ κουρεῖο κεντρικό. Τηλ. 542-823.

ΠΩΛΕΙΤΑΙ κουρεῖο ἐπὶ τῆς Μακεδονίας. Τηλ. 236-843.

ΠΩΛΕΙΤΑΙ καφενεῖο σὲ κεντρικὸ σημεῖο. Τηλ. 834-452.

ΠΩΛΕΙΤΑΙ μπουτίκ σὲ λειτουργία. Τηλ. 816-447.

ΠΩΛΕΙΤΑΙ ὀπωροπωλεῖο πλήρες ἐξοπλισμένο. Τηλ. 826-913.

ΠΩΛΕΙΤΑΙ κατάστημα εἰδῶν δώρων. Τηλ. 257-521.

ΠΩΛΕΙΤΑΙ ἔπιπλα γραφείου. Τηλ. 246-476.

ΠΑΡΑΧΩΡΕΙΤΑΙ τεχνικὸ γραφεῖο. Τηλ. 512-866.

ΠΩΛΕΙΤΑΙ κατάστημα Unisex. Τηλ. 416-862.

ΠΩΛΕΙΤΑΙ καθαριστήριο. Τηλ. 761-103.

ΠΩΛΕΙΤΑΙ καθαριστήριο. Τηλ. 233-547.

ΝΟΙΚΙΑΖΟΝΤΑΙ

ΕΝΟΙΚΙΑΖΕΤΑΙ χῶρος 260 τ.μ. ἐπὶ τῆς Μοναστηρίου. Τηλ. 270-103, ὥρες 5 — 7 μ.μ.

ΕΝΟΙΚΙΑΖΕΤΑΙ χῶρος 370 τ.μ. Τηλ. 822-900, 9 — 2 μ.μ.

ΕΝΟΙΚΙΑΖΟΝΤΑΙ καταστήματα 65 — 95 μ2 μὲ γωνιακὴ καὶ διακεκριμένη πλευρὰ ἐπὶ τῆς Δευτέρας. Τηλ. 520-841.

ΕΝΟΙΚΙΑΖΟΝΤΑΙ εἰς Ἀνατολικὴ Θεσσαλονίκη, γραφεῖα. Τηλ. 279-136.

ΕΝΟΙΚΙΑΖΕΤΑΙ στὴν Ἄνω Τούμπα διαμέρισμα. Τηλ. 422-005 καὶ 278-729.

ΕΝΟΙΚΙΑΖΕΤΑΙ 6ος ὄροφος ἐκ 200 μ2 στὴν Ἐγνατία. Τηλ. 276-920.

ΕΝΟΙΚΙΑΖΕΤΑΙ κατάστημα 70 τ.μ. γωνιακὸ. Τηλ. 236-511.

ΕΝΟΙΚΙΑΖΕΤΑΙ 100 μ2 γραφεῖο. Τηλ. 522-871.

ΕΝΟΙΚΙΑΖΕΤΑΙ διαμέρισμα 150 τ.μ. Τηλ. 276-653.

ΕΝΟΙΚΙΑΖΕΤΑΙ βιοτεχνικὸ 300 μ2. Τηλ. 512-208.

ΕΝΟΙΚΙΑΖΕΤΑΙ βίλλα - μονοκατοικία στὸ Πανόραμα. Τηλ. 261-885.

ΕΝΟΙΚΙΑΖΕΤΑΙ γραφεῖο 1ου ὀρόφου. Τηλ. 413-231.

ΕΝΟΙΚΙΑΖΕΤΑΙ γραφεῖο 135 τ.μ. Τηλ. 828-102.

ΕΝΟΙΚΙΑΖΕΤΑΙ εἰς Διαβατά 100 μ2 κατάστημα. Τηλ. 831-432.

ΕΝΟΙΚΙΑΖΕΤΑΙ διαμέρισμα 3ου ὀρόφου. Τηλ. 223-068.

ΕΝΟΙΚΙΑΖΕΤΑΙ 2ος ὄροφος 300 τ.μ. Τηλ. 232-764.

ΕΝΟΙΚΙΑΖΕΤΑΙ ἐπὶ τῆς Ἐγνατίας χῶρος 160 τ.μ. Τηλ. 224-811.

ΕΝΟΙΚΙΑΖΕΤΑΙ διαμέρισμα 2 δωματίων. Τηλ. 817-998.

ΕΝΟΙΚΙΑΖΕΤΑΙ γκαρσονιέρα. Τηλ. 274-441.

ΕΝΟΙΚΙΑΖΕΤΑΙ διαμέρισμα 80 μ2. Τηλ. 763-762.

ΕΝΟΙΚΙΑΖΕΤΑΙ ἐπιπλωμένο. Τηλ. 622-025.

ΕΝΟΙΚΙΑΖΕΤΑΙ 2 δωμάτια ἐπιπλωμένα. Τηλ. 265-326.

ΕΝΟΙΚΙΑΖΕΤΑΙ διαμέρισμα 80 τ.μ. Τηλ. 512-938.

ΕΝΟΙΚΙΑΖΕΤΑΙ μὲ κῆπο. Τηλ. 411-003.

ΕΝΟΙΚΙΑΖΕΤΑΙ διαμέρισμα 4 Λ.Α. Τηλ. 836-454.

ΕΝΟΙΚΙΑΖΕΤΑΙ στὴν Νεάπολη. Τηλ. 272-591.

ΕΝΟΙΚΙΑΖΕΤΑΙ στὴν Καλαμαριά. Τηλ. 431-261.

ΕΝΟΙΚΙΑΖΕΤΑΙ κατάστημα 150 τ.μ. Τηλ. 271-414.

ΕΝΟΙΚΙΑΖΕΤΑΙ γκαρσονιέρα. Τηλ. 303-631.

ΕΝΟΙΚΙΑΖΟΝΤΑΙ γραφεῖα στὴν Ἐγνατία. Τηλ. 521-490.

ΕΝΟΙΚΙΑΖΕΤΑΙ διαμέρισμα. Τηλ. 531-251.

ΕΝΟΙΚΙΑΖΕΤΑΙ 90 τ.μ. Τηλ. 422-542.

ΕΝΟΙΚΙΑΖΕΤΑΙ διαμέρισμα Καλαμαριᾶς. Τηλ. 521-803.

ΕΝΟΙΚΙΑΖΕΤΑΙ βίλλα μὲ κῆπο. Τηλ. 836-640.

ΕΝΟΙΚΙΑΖΕΤΑΙ γκαρσονιέρα. Τηλ. 425-654.

ΕΝΟΙΚΙΑΖΕΤΑΙ κατάστημα. Τηλ. 276-630.

ΓΡΑΦΕΙΑ. Συγκρότημα γραφείων. Τηλ. 261-271.

ΕΝΟΙΚΙΑΖΕΤΑΙ διαμέρισμα. Τηλ. 912-871.

ΕΝΟΙΚΙΑΖΕΤΑΙ 30 τ.μ. Τηλ. 512-238.

ΕΝΟΙΚΙΑΖΕΤΑΙ ὑπόγειο. Τηλ. 543-415.

ΕΝΟΙΚΙΑΖΕΤΑΙ διαμέρισμα 2 δωμάτια. Τηλ. 225-406.

ΠΡΟΣΦΟΡΑ ΕΡΓΑΣΙΑΣ

ΖΗΤΕΙΤΑΙ τεχνίτης ζαχαροπλάστης. Τηλ. 411-231.

ΖΗΤΟΥΝΤΑΙ ἀπὸ ἐταιρία καὶ αὐτοκινήτων νέοι καὶ νέες. Τηλ. 263-120.

ΕΥΚΑΙΡΙΑ γιὰ διαμερίσματα νέοι ἢ νέες μὲ καλὲς ἀπολαβές. Τηλ. 263-176.

ΑΝΤΙΠΡΟΣΩΠΟΙ ζητοῦνται σὲ ὅλη τὴν Ἑλλάδα. Τηλ. 0391/21-632.

ΥΠΑΛΛΗΛΟΣ Ἑ' ἐκτελεῖ καθήκοντα γραμματέα. Τηλ. 272-541.

Η Βιομηχανία πλεκτικῆς ζητεῖ γαζώτριες. Τηλ. 836-721.

ΠΑΡΑ τῆς ἐθνικῆς ὁδοῦ ζητεῖται βοηθὸς. Τηλ. 512-958.

ΖΗΤΕΙΤΑΙ κυρία ἢ δεσποινὶς. Τηλ. 291 καὶ 521-99.

ΖΗΤΕΙΤΑΙ τεχνίτης. Τηλ. 821-45.

ΚΟΜΜΩΤΡΙΕΣ, Βαρσακοπούλου. Τηλ. 521-337.

ΚΥΡΙΕΣ καὶ θέλετε νὰ ἐργασθεῖτε. Τηλ. 232-077.

ΠΤΗΝΟΤΡΟΦΕΙΟ ζητεῖ ἐργάτη. Τηλ. 0391/31-.

ΡΑΠΤΕΣ ζητοῦνται. Τηλ. 273-.

ΖΗΤΟΥΝΤΑΙ ὑπάλληλοι. Τηλ. 262-582.

ΕΥΚΑΙΡΙΑ γιὰ νέους. Τηλ. 816-.

ΦΑΡΜΑΚΕΥΤΙΚΗ ἑταιρεία ζητεῖ. Τηλ. 244-.

Η ἑταιρία ζητεῖ. Τηλ. 254-.

ΠΑΡΑ ἀναγνωρισμένη ἑταιρεία ζητεῖ. Τηλ. 252-.

Η ΣΥΝΕΧΕΙΑ ΣΤΗΝ ΕΠΟΜΕΝΗ
